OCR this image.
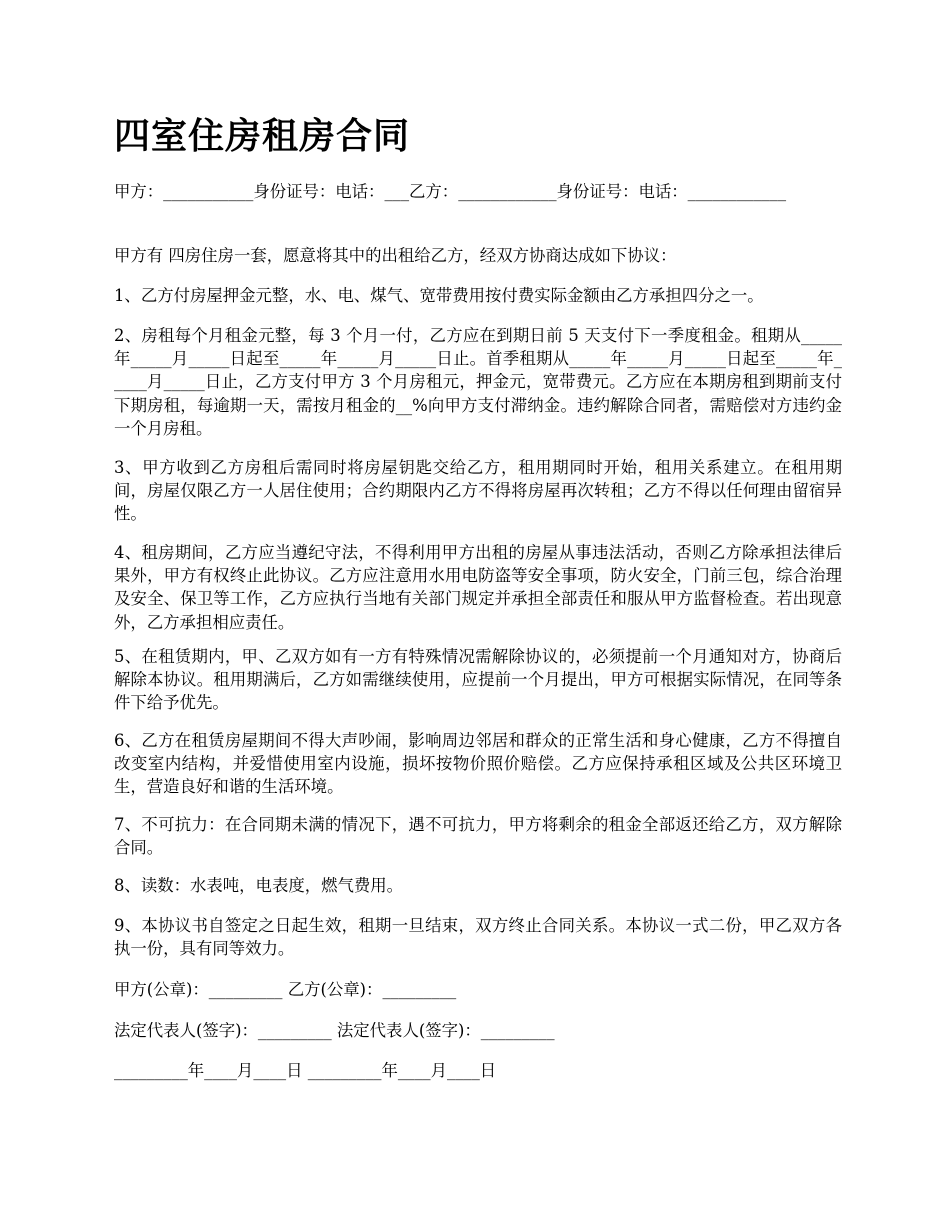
四室住房租房合同

甲方：___________身份证号：电话：___乙方：____________身份证号：电话：____________

甲方有 四房住房一套，愿意将其中的出租给乙方，经双方协商达成如下协议：

1、乙方付房屋押金元整，水、电、煤气、宽带费用按付费实际金额由乙方承担四分之一。

2、房租每个月租金元整，每 3 个月一付，乙方应在到期日前 5 天支付下一季度租金。租期从_____年_____月_____日起至_____年_____月_____日止。首季租期从_____年_____月_____日起至_____年_____月_____日止，乙方支付甲方 3 个月房租元，押金元，宽带费元。乙方应在本期房租到期前支付下期房租，每逾期一天，需按月租金的__%向甲方支付滞纳金。违约解除合同者，需赔偿对方违约金一个月房租。

3、甲方收到乙方房租后需同时将房屋钥匙交给乙方，租用期同时开始，租用关系建立。在租用期间，房屋仅限乙方一人居住使用；合约期限内乙方不得将房屋再次转租；乙方不得以任何理由留宿异性。

4、租房期间，乙方应当遵纪守法，不得利用甲方出租的房屋从事违法活动，否则乙方除承担法律后果外，甲方有权终止此协议。乙方应注意用水用电防盗等安全事项，防火安全，门前三包，综合治理及安全、保卫等工作，乙方应执行当地有关部门规定并承担全部责任和服从甲方监督检查。若出现意外，乙方承担相应责任。

5、在租赁期内，甲、乙双方如有一方有特殊情况需解除协议的，必须提前一个月通知对方，协商后解除本协议。租用期满后，乙方如需继续使用，应提前一个月提出，甲方可根据实际情况，在同等条件下给予优先。

6、乙方在租赁房屋期间不得大声吵闹，影响周边邻居和群众的正常生活和身心健康，乙方不得擅自改变室内结构，并爱惜使用室内设施，损坏按物价照价赔偿。乙方应保持承租区域及公共区环境卫生，营造良好和谐的生活环境。

7、不可抗力：在合同期未满的情况下，遇不可抗力，甲方将剩余的租金全部返还给乙方，双方解除合同。

8、读数：水表吨，电表度，燃气费用。

9、本协议书自签定之日起生效，租期一旦结束，双方终止合同关系。本协议一式二份，甲乙双方各执一份，具有同等效力。

甲方(公章)：_________ 乙方(公章)：_________

法定代表人(签字)：_________ 法定代表人(签字)：_________

_________年____月____日 _________年____月____日
